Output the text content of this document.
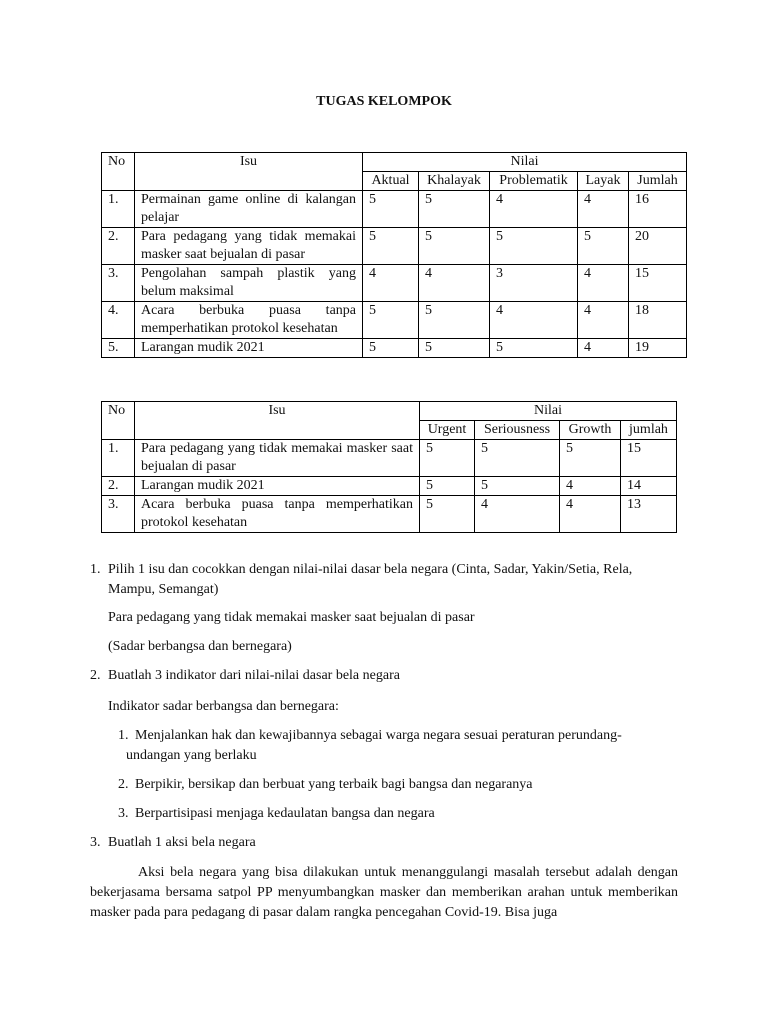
TUGAS KELOMPOK
No	Isu	Nilai				
		Aktual	Khalayak	Problematik	Layak	Jumlah
1.	Permainan game online di kalangan pelajar	5	5	4	4	16
2.	Para pedagang yang tidak memakai masker saat bejualan di pasar	5	5	5	5	20
3.	Pengolahan sampah plastik yang belum maksimal	4	4	3	4	15
4.	Acara berbuka puasa tanpa memperhatikan protokol kesehatan	5	5	4	4	18
5.	Larangan mudik 2021	5	5	5	4	19
No	Isu	Nilai			
		Urgent	Seriousness	Growth	jumlah
1.	Para pedagang yang tidak memakai masker saat bejualan di pasar	5	5	5	15
2.	Larangan mudik 2021	5	5	4	14
3.	Acara berbuka puasa tanpa memperhatikan protokol kesehatan	5	4	4	13
1. Pilih 1 isu dan cocokkan dengan nilai-nilai dasar bela negara (Cinta, Sadar, Yakin/Setia, Rela, Mampu, Semangat)
Para pedagang yang tidak memakai masker saat bejualan di pasar
(Sadar berbangsa dan bernegara)
2. Buatlah 3 indikator dari nilai-nilai dasar bela negara
Indikator sadar berbangsa dan bernegara:
1. Menjalankan hak dan kewajibannya sebagai warga negara sesuai peraturan perundang-undangan yang berlaku
2. Berpikir, bersikap dan berbuat yang terbaik bagi bangsa dan negaranya
3. Berpartisipasi menjaga kedaulatan bangsa dan negara
3. Buatlah 1 aksi bela negara
Aksi bela negara yang bisa dilakukan untuk menanggulangi masalah tersebut adalah dengan bekerjasama bersama satpol PP menyumbangkan masker dan memberikan arahan untuk memberikan masker pada para pedagang di pasar dalam rangka pencegahan Covid-19. Bisa juga
